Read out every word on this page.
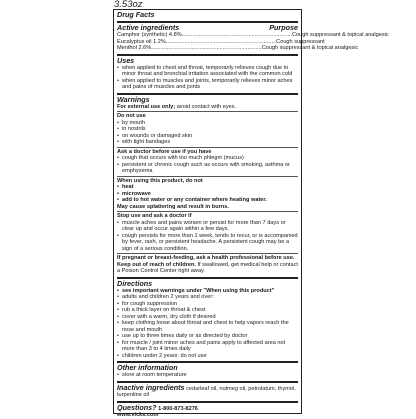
3.53oz
Drug Facts
Active ingredients	Purpose
Camphor (synthetic) 4.8% ....................................................................... Cough suppressant & topical analgesic
Eucalyptus oil 1.2% ....................................................................... Cough suppressant
Menthol 2.6% ....................................................................... Cough suppressant & topical analgesic
Uses
• when applied to chest and throat, temporarily relieves cough due to minor throat and bronchial irritation associated with the common cold
• when applied to muscles and joints, temporarily relieves minor aches and pains of muscles and joints
Warnings
For external use only; avoid contact with eyes.
Do not use
• by mouth
• in nostrils
• on wounds or damaged skin
• with tight bandages
Ask a doctor before use if you have
• cough that occurs with too much phlegm (mucus)
• persistent or chronic cough such as occurs with smoking, asthma or emphysema
When using this product, do not
• heat
• microwave
• add to hot water or any container where heating water.
May cause splattering and result in burns.
Stop use and ask a doctor if
• muscle aches and pains worsen or persist for more than 7 days or clear up and occur again within a few days.
• cough persists for more than 1 week, tends to recur, or is accompanied by fever, rash, or persistent headache. A persistent cough may be a sign of a serious condition.
If pregnant or breast-feeding, ask a health professional before use.
Keep out of reach of children. If swallowed, get medical help or contact a Poison Control Center right away.
Directions
• see important warnings under "When using this product"
• adults and children 2 years and over:
• for cough suppression
• rub a thick layer on throat & chest
• cover with a warm, dry cloth if desired
• keep clothing loose about throat and chest to help vapors reach the nose and mouth
• use up to three times daily or as directed by doctor
• for muscle / joint minor aches and pains apply to affected area not more than 3 to 4 times daily
• children under 2 years: do not use
Other information
• store at room temperature
Inactive ingredients cedarleaf oil, nutmeg oil, petrolatum, thymol, turpentine oil
Questions? 1-800-873-8276
www.vicks.com
